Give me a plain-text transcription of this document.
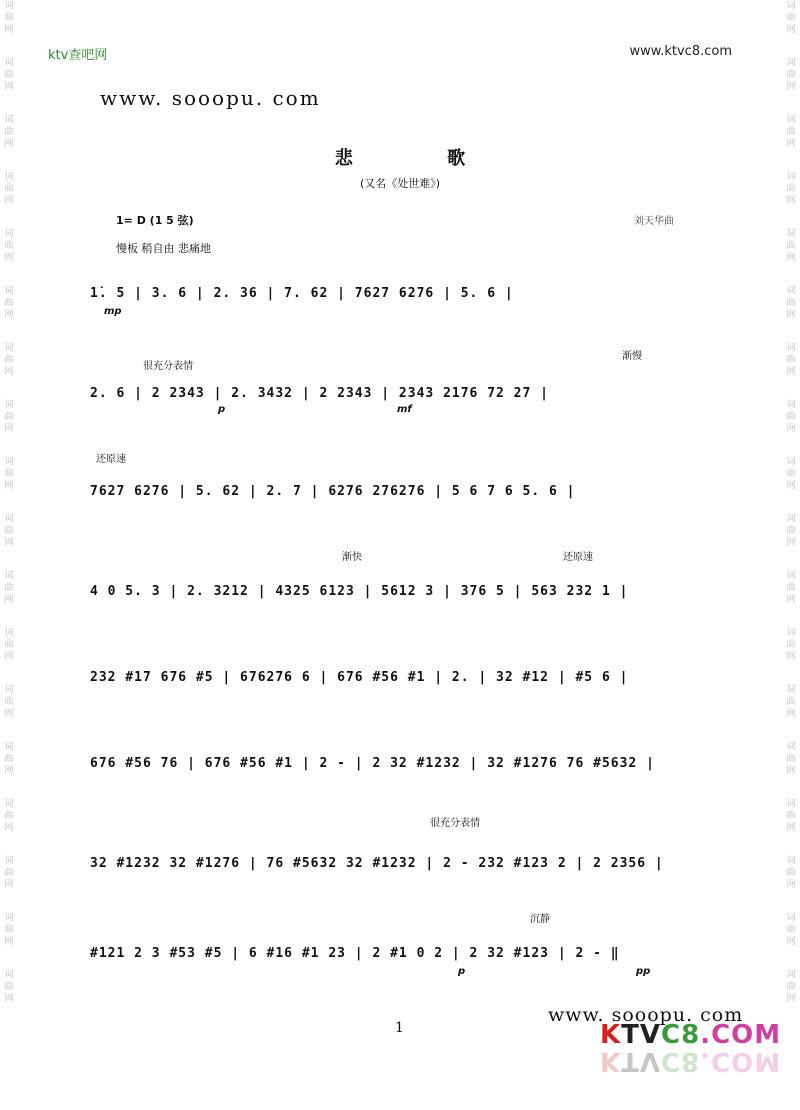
词
曲
网
词
曲
网
词
曲
网
词
曲
网
词
曲
网
词
曲
网
词
曲
网
词
曲
网
词
曲
网
词
曲
网
词
曲
网
词
曲
网
词
曲
网
词
曲
网
词
曲
网
词
曲
网
词
曲
网
词
曲
网
词
曲
网
词
曲
网
词
曲
网
词
曲
网
词
曲
网
词
曲
网
词
曲
网
词
曲
网
词
曲
网
词
曲
网
词
曲
网
词
曲
网
词
曲
网
词
曲
网
词
曲
网
词
曲
网
词
曲
网
词
曲
网
ktv查吧网	www.ktvc8.com
www. sooopu. com
悲 歌
(又名《处世难》)
1= D (1 5 弦)	刘天华曲
慢板 稍自由 悲痛地
很充分表情
渐慢
还原速
渐快	还原速
很充分表情
沉静
mp
p	mf
p	pp
1̇. 5 | 3. 6 | 2. 36 | 7. 62 | 7627 6276 | 5. 6 |
2. 6 | 2 2343 | 2. 3432 | 2 2343 | 2343 2176 72 27 |
7627 6276 | 5. 62 | 2. 7 | 6276 276276 | 5 6 7 6 5. 6 |
4 0 5. 3 | 2. 3212 | 4325 6123 | 5612 3 | 376 5 | 563 232 1 |
232 #17 676 #5 | 676276 6 | 676 #56 #1 | 2. | 32 #12 | #5 6 |
676 #56 76 | 676 #56 #1 | 2 - | 2 32 #1232 | 32 #1276 76 #5632 |
32 #1232 32 #1276 | 76 #5632 32 #1232 | 2 - 232 #123 2 | 2 2356 |
#121 2 3 #53 #5 | 6 #16 #1 23 | 2 #1 0 2 | 2 32 #123 | 2 - ‖
www. sooopu. com
1	KTVC8.COM
KTVC8.COM
